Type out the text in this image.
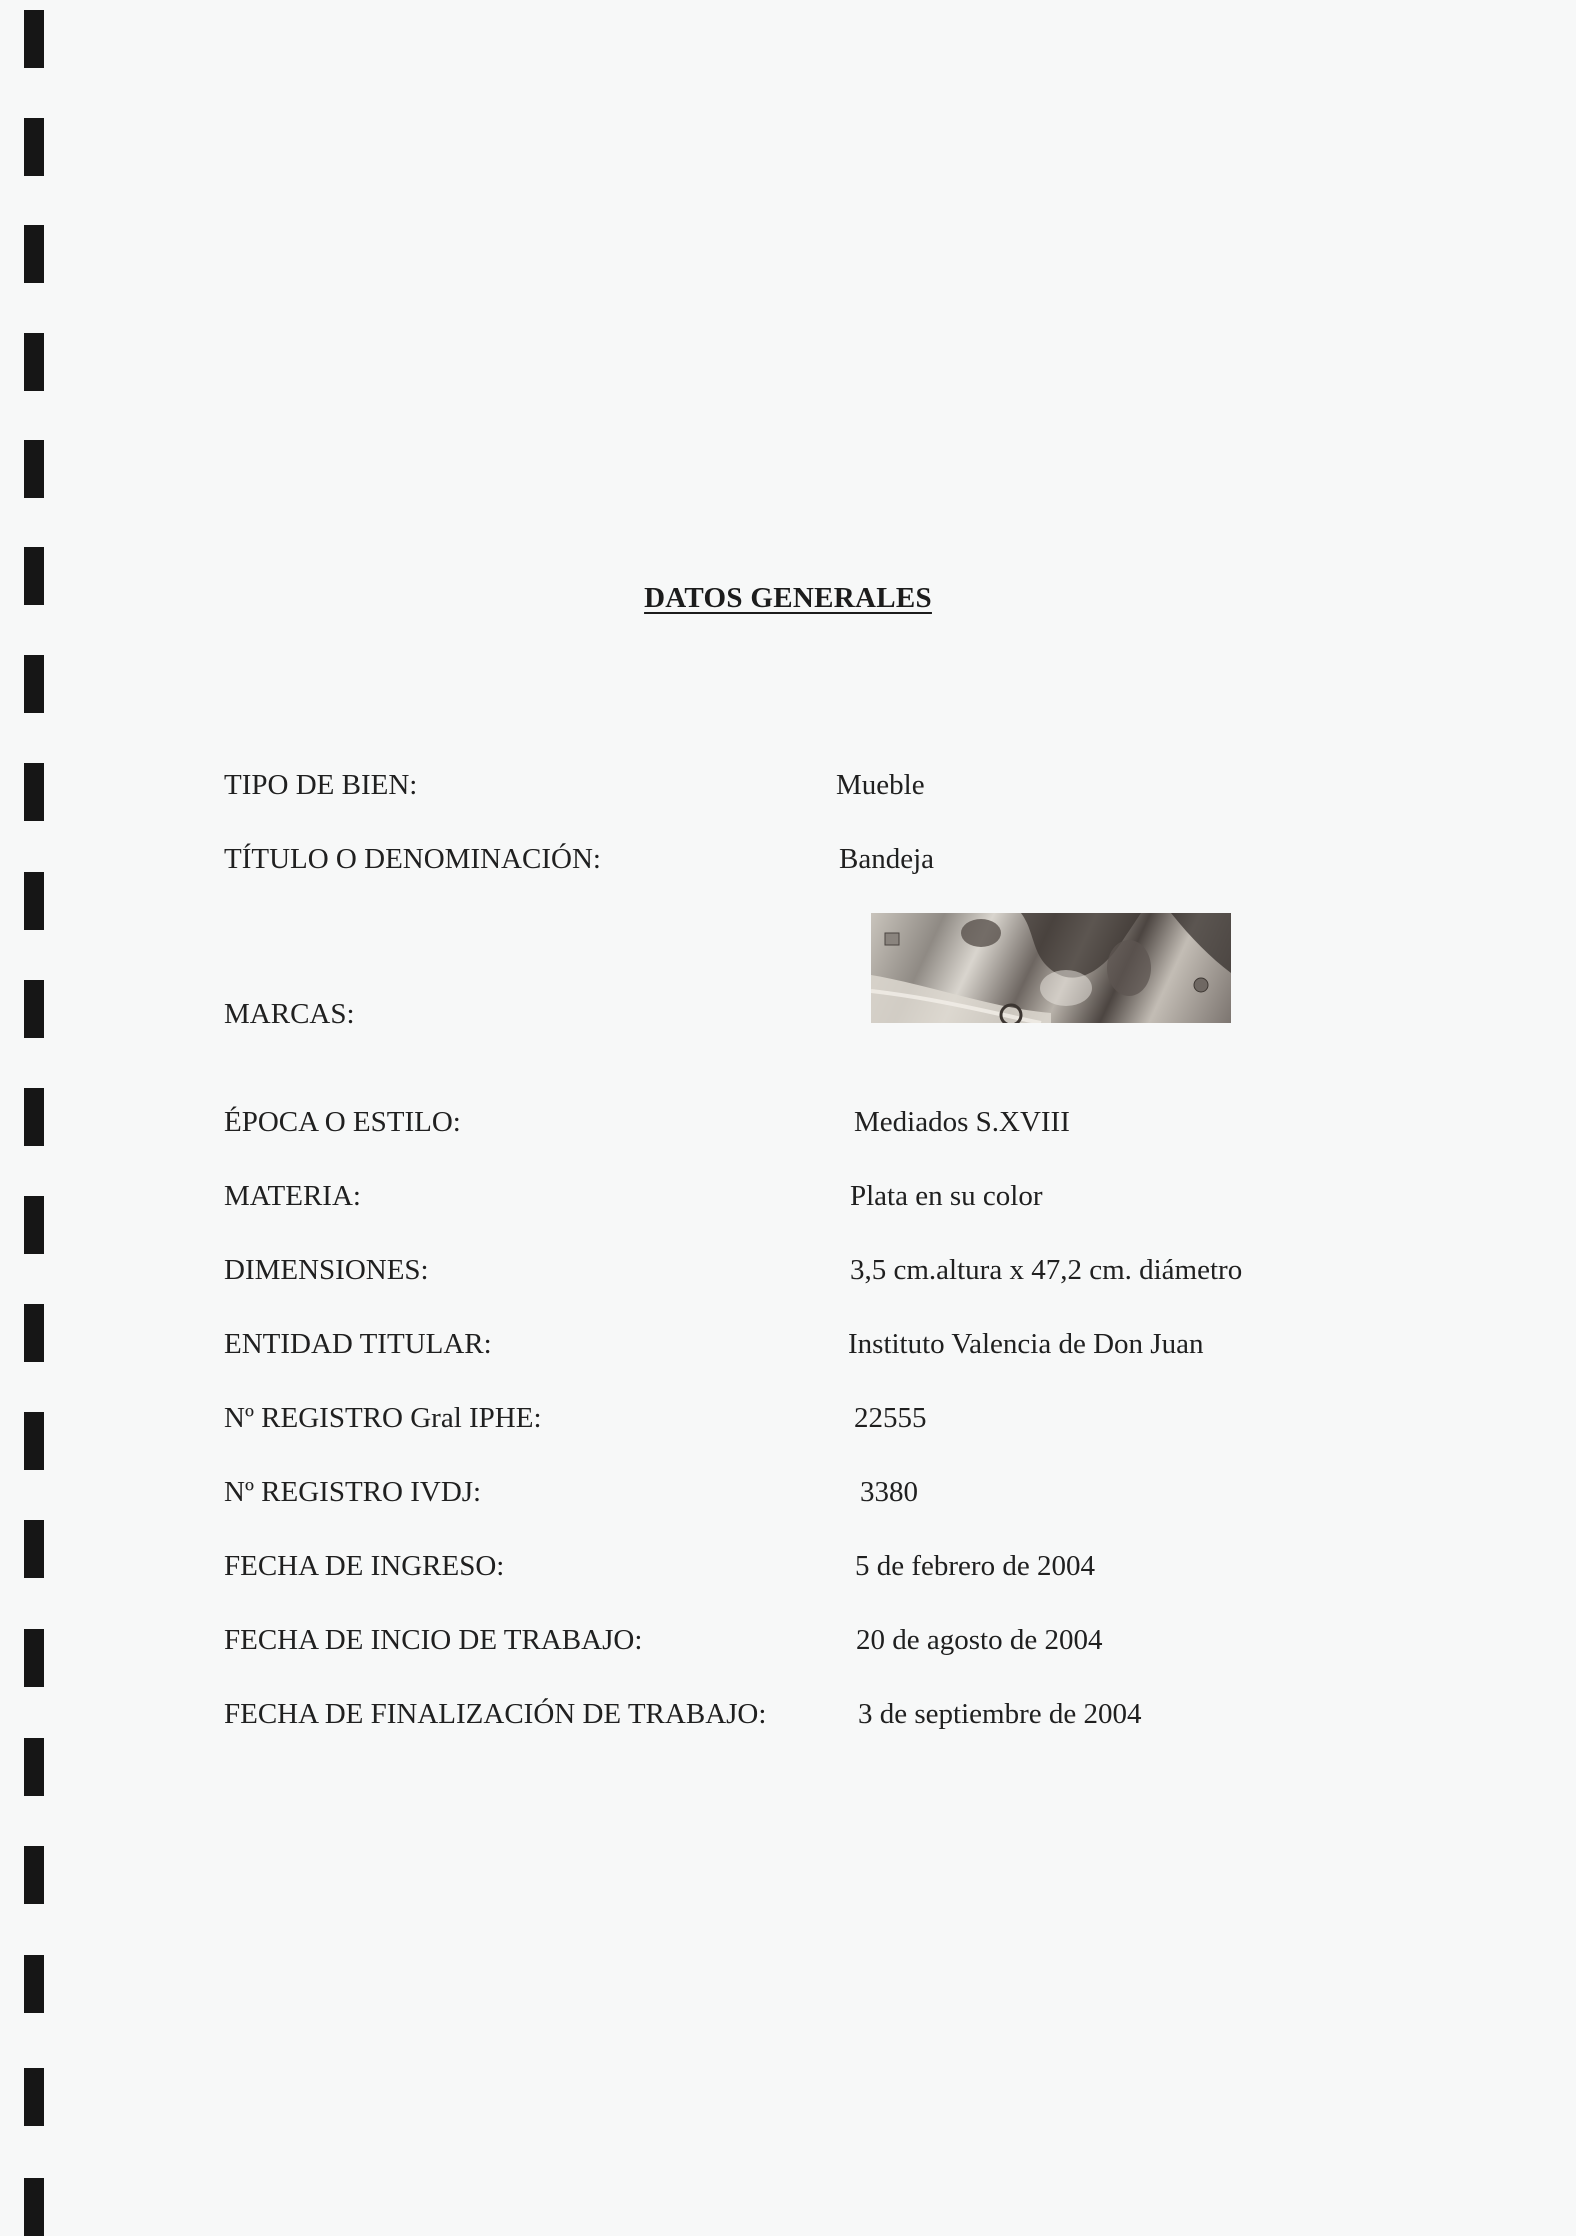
DATOS GENERALES
TIPO DE BIEN:	Mueble
TÍTULO O DENOMINACIÓN:	Bandeja
MARCAS:
ÉPOCA O ESTILO:	Mediados S.XVIII
MATERIA:	Plata en su color
DIMENSIONES:	3,5 cm.altura x 47,2 cm. diámetro
ENTIDAD TITULAR:	Instituto Valencia de Don Juan
Nº REGISTRO Gral IPHE:	22555
Nº REGISTRO IVDJ:	3380
FECHA DE INGRESO:	5 de febrero de 2004
FECHA DE INCIO DE TRABAJO:	20 de agosto de 2004
FECHA DE FINALIZACIÓN DE TRABAJO:	3 de septiembre de 2004
